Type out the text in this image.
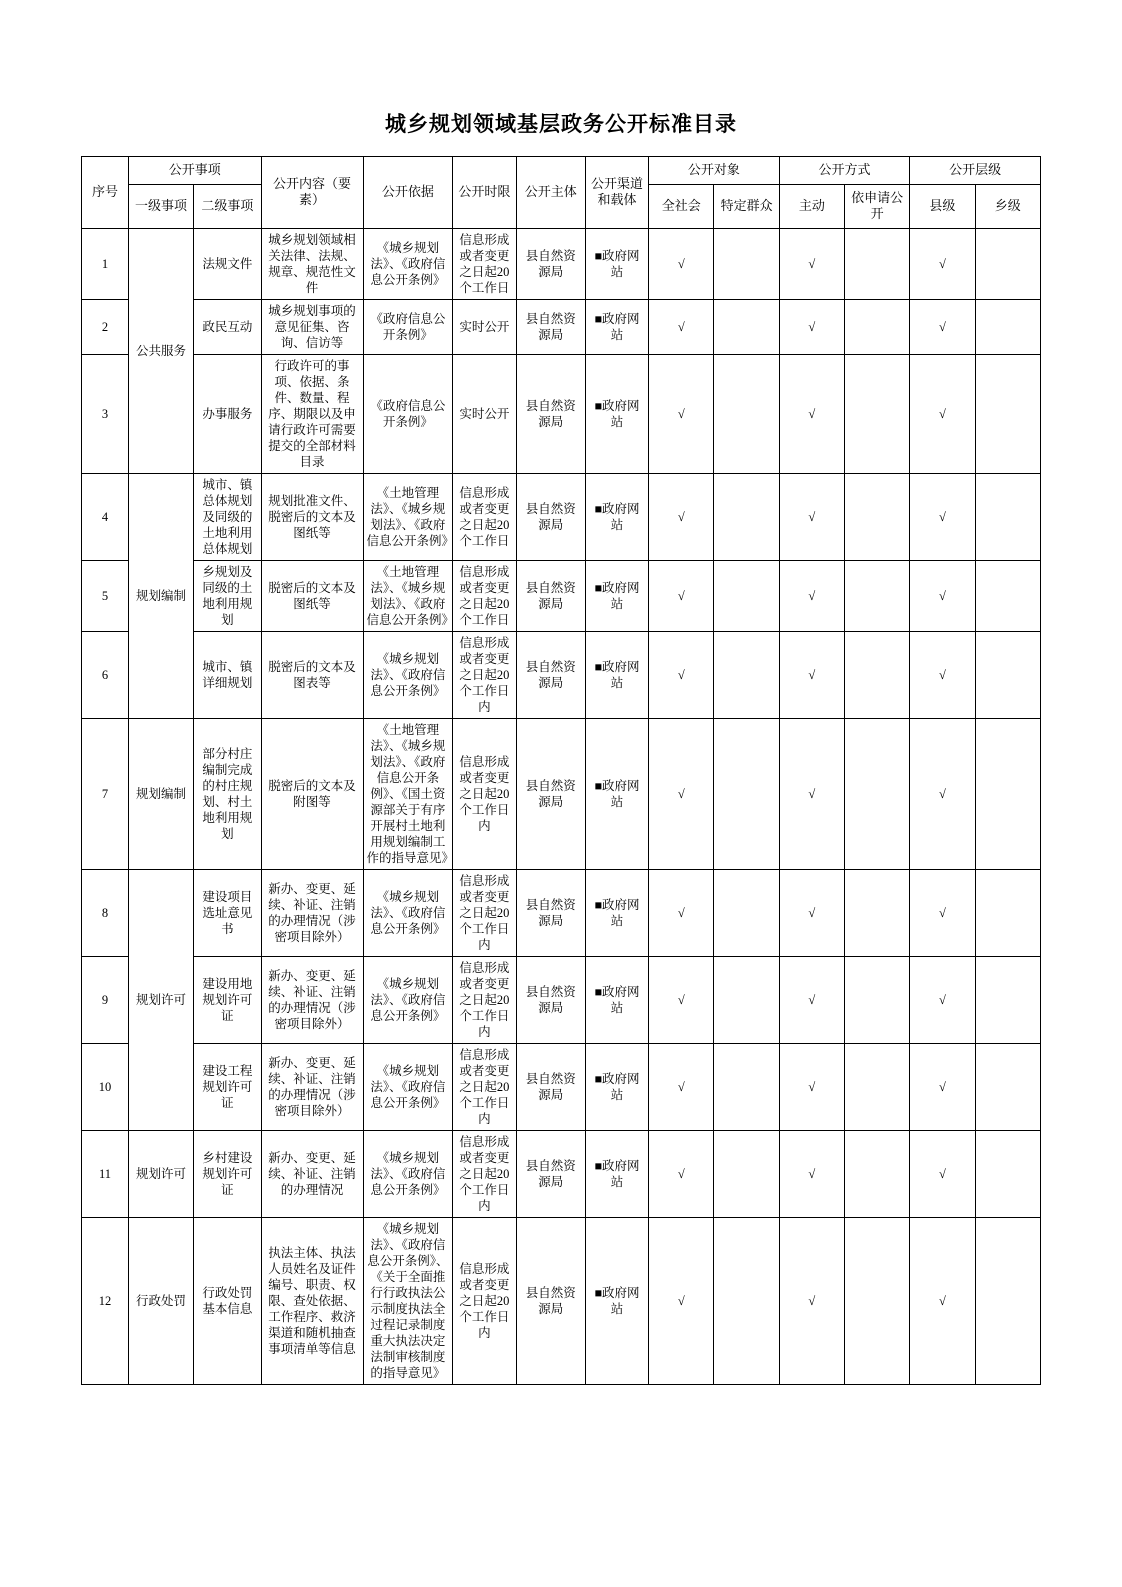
城乡规划领域基层政务公开标准目录
序号	公开事项		公开内容（要素）	公开依据	公开时限	公开主体	公开渠道和载体	公开对象		公开方式		公开层级	
	一级事项	二级事项						全社会	特定群众	主动	依申请公开	县级	乡级
1	公共服务	法规文件	城乡规划领域相关法律、法规、规章、规范性文件	《城乡规划法》、《政府信息公开条例》	信息形成或者变更之日起20个工作日	县自然资源局	■政府网站	√		√		√	
2		政民互动	城乡规划事项的意见征集、咨询、信访等	《政府信息公开条例》	实时公开	县自然资源局	■政府网站	√		√		√	
3		办事服务	行政许可的事项、依据、条件、数量、程序、期限以及申请行政许可需要提交的全部材料目录	《政府信息公开条例》	实时公开	县自然资源局	■政府网站	√		√		√	
4	规划编制	城市、镇总体规划及同级的土地利用总体规划	规划批准文件、脱密后的文本及图纸等	《土地管理法》、《城乡规划法》、《政府信息公开条例》	信息形成或者变更之日起20个工作日	县自然资源局	■政府网站	√		√		√	
5		乡规划及同级的土地利用规划	脱密后的文本及图纸等	《土地管理法》、《城乡规划法》、《政府信息公开条例》	信息形成或者变更之日起20个工作日	县自然资源局	■政府网站	√		√		√	
6		城市、镇详细规划	脱密后的文本及图表等	《城乡规划法》、《政府信息公开条例》	信息形成或者变更之日起20个工作日内	县自然资源局	■政府网站	√		√		√	
7	规划编制	部分村庄编制完成的村庄规划、村土地利用规划	脱密后的文本及附图等	《土地管理法》、《城乡规划法》、《政府信息公开条例》、《国土资源部关于有序开展村土地利用规划编制工作的指导意见》	信息形成或者变更之日起20个工作日内	县自然资源局	■政府网站	√		√		√	
8	规划许可	建设项目选址意见书	新办、变更、延续、补证、注销的办理情况（涉密项目除外）	《城乡规划法》、《政府信息公开条例》	信息形成或者变更之日起20个工作日内	县自然资源局	■政府网站	√		√		√	
9		建设用地规划许可证	新办、变更、延续、补证、注销的办理情况（涉密项目除外）	《城乡规划法》、《政府信息公开条例》	信息形成或者变更之日起20个工作日内	县自然资源局	■政府网站	√		√		√	
10		建设工程规划许可证	新办、变更、延续、补证、注销的办理情况（涉密项目除外）	《城乡规划法》、《政府信息公开条例》	信息形成或者变更之日起20个工作日内	县自然资源局	■政府网站	√		√		√	
11	规划许可	乡村建设规划许可证	新办、变更、延续、补证、注销的办理情况	《城乡规划法》、《政府信息公开条例》	信息形成或者变更之日起20个工作日内	县自然资源局	■政府网站	√		√		√	
12	行政处罚	行政处罚基本信息	执法主体、执法人员姓名及证件编号、职责、权限、查处依据、工作程序、救济渠道和随机抽查事项清单等信息	《城乡规划法》、《政府信息公开条例》、《关于全面推行行政执法公示制度执法全过程记录制度重大执法决定法制审核制度的指导意见》	信息形成或者变更之日起20个工作日内	县自然资源局	■政府网站	√		√		√	
